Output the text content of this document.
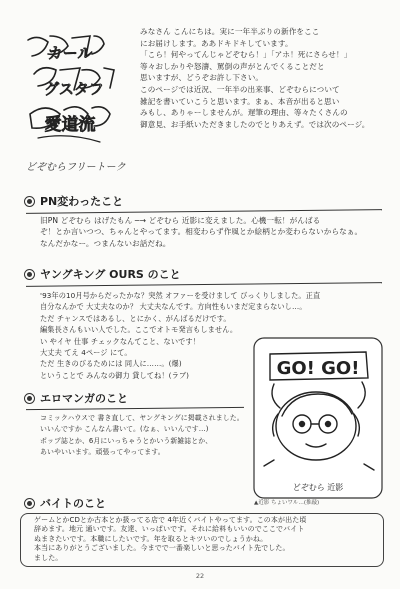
カール
グスタフ
愛道流
どぞむらフリートーク
みなさん こんにちは。実に一年半ぶりの新作をここ
にお届けします。ああドキドキしています。
「こら！何やってんじゃどぞむら！」「アホ！死にさらせ！」
等々おしかりや怒濤、罵倒の声がとんでくることだと
思いますが、どうぞお許し下さい。
このページでは近況、一年半の出来事、どぞむらについて
雑記を書いていこうと思います。まぁ、本音が出ると思い
みもし、ありゃーしませんが。遅筆の理由、等々たくさんの
御意見、お手紙いただきましたのでとりあえず。では次のページ。
PN変わったこと
旧PN どぞむら はげたもん ─→ どぞむら 近影に変えました。心機一転！がんばる
ぞ！とか言いつつ、ちゃんとやってます。相変わらず作風とか絵柄とか変わらないからなぁ。
なんだかなー。つまんないお話だね。
ヤングキング OURS のこと
'93年の10月号からだったかな？突然 オファーを受けまして びっくりしました。正直
自分なんかで 大丈夫なのか？ 大丈夫なんです。方向性もいまだ定まらないし…。
ただ チャンスではあるし、とにかく、がんばるだけです。
編集長さんもいい人でした。ここでオトモ発言もしません。
い やイヤ 仕事 チェックなんてこと、ないです！
大丈夫 てえ 4ページ にて。
ただ 生きのびるためには 同人に……。(爆)
ということで みんなの御力 貸してね！(ラブ)	GO! GO!
どぞむら 近影
▲近影 ちょいワル…(推敲)
エロマンガのこと
コミックハウスで 書き直して、ヤングキングに掲載されました。
いいんですか こんなん書いて。(なぁ、いいんです…)
ポップ誌とか、6月にいっちゃうとかいう新雑誌とか、
あいやいいます。頑張ってやってます。
バイトのこと
ゲームとかCDとか古本とか扱ってる店で 4年近くバイトやってます。この本が出た頃
辞めます。地元 通いです。友達、いっぱいです。それに給料もいいのでここでバイト
ぬまきたいです。本職にしたいです。年を取るとキツいのでしょうかね。
本当にありがとうございました。今までで一番楽しいと思ったバイト先でした。
ました。
22
